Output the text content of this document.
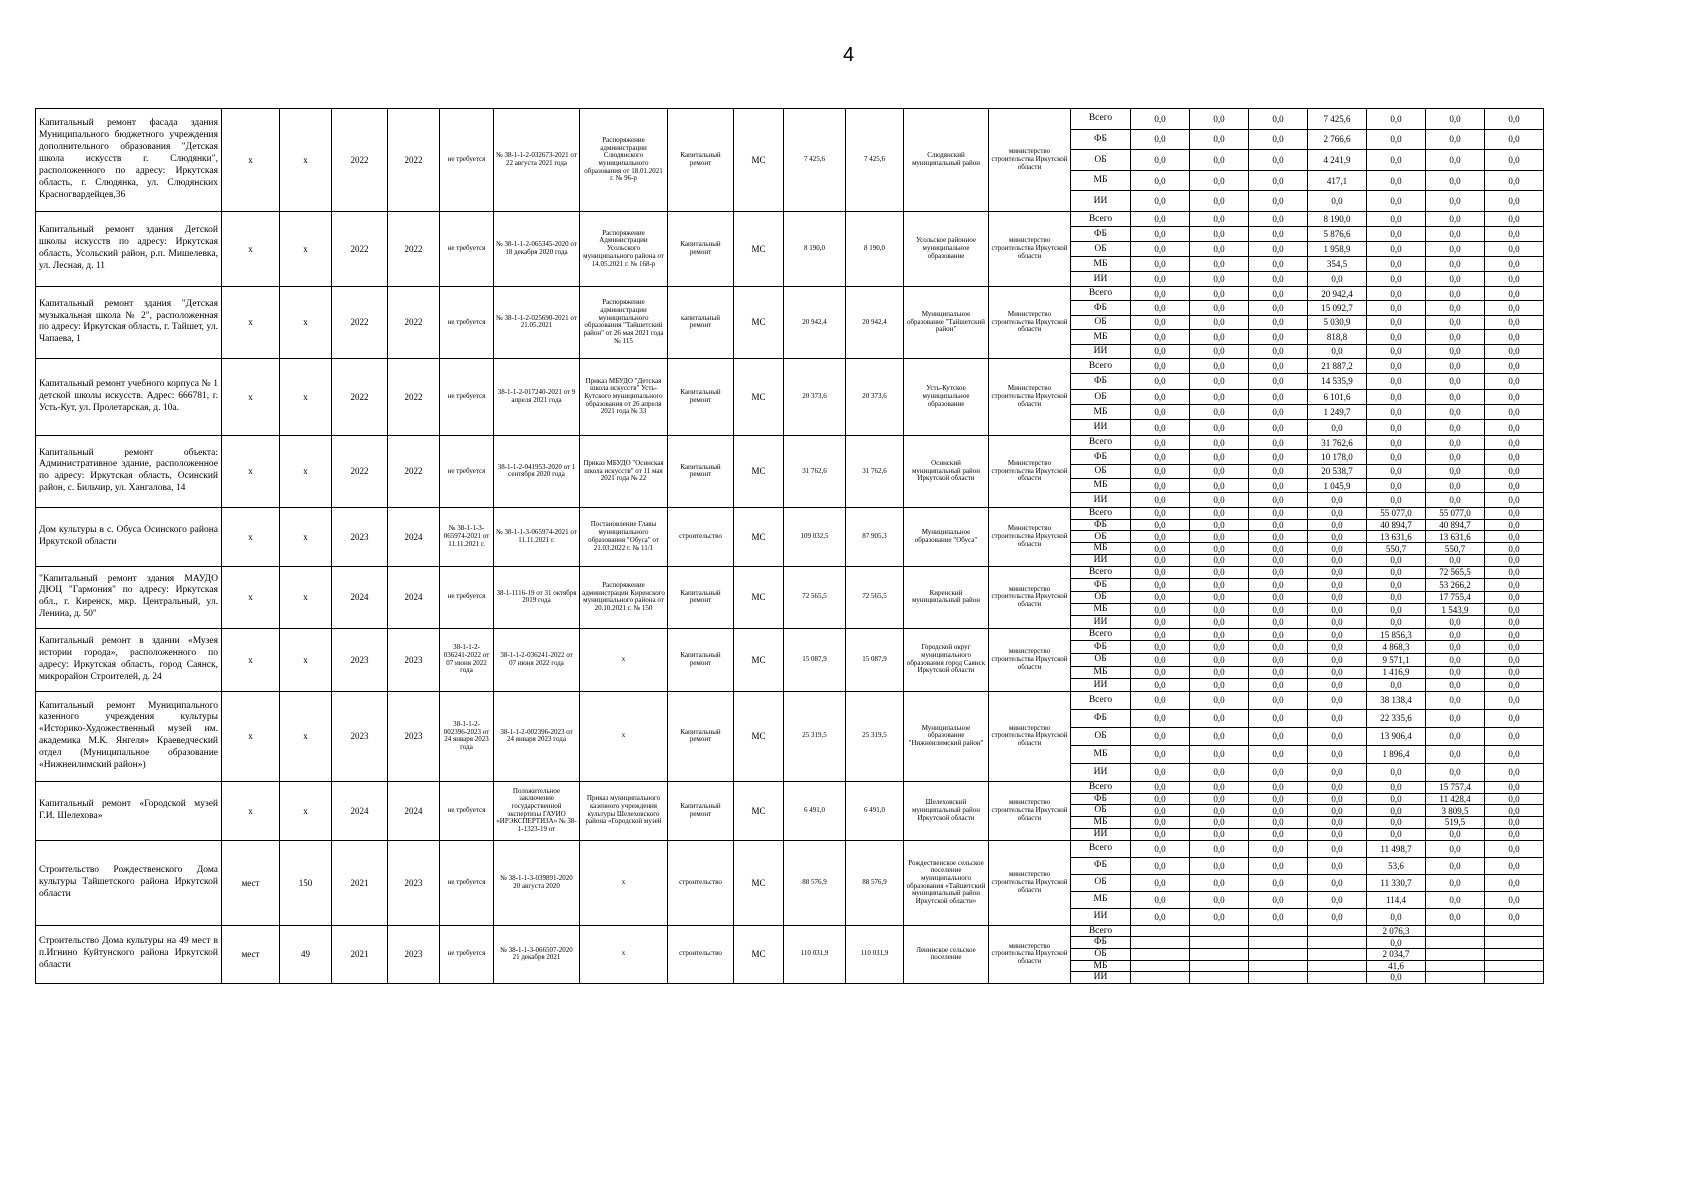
4
Капитальный ремонт фасада здания Муниципального бюджетного учреждения дополнительного образования "Детская школа искусств г. Слюдянки", расположенного по адресу: Иркутская область, г. Слюдянка, ул. Слюдянских Красногвардейцев,36	x	x	2022	2022	не требуется	№ 38-1-1-2-032673-2021 от 22 августа 2021 года	Распоряжение администрации Слюдянского муниципального образования от 18.01.2021 г. № 96-р	Капитальный ремонт	МС	7 425,6	7 425,6	Слюдянский муниципальный район	министерство строительства Иркутской области	Всего	0,0	0,0	0,0	7 425,6	0,0	0,0	0,0
														ФБ	0,0	0,0	0,0	2 766,6	0,0	0,0	0,0
														ОБ	0,0	0,0	0,0	4 241,9	0,0	0,0	0,0
														МБ	0,0	0,0	0,0	417,1	0,0	0,0	0,0
														ИИ	0,0	0,0	0,0	0,0	0,0	0,0	0,0
Капитальный ремонт здания Детской школы искусств по адресу: Иркутская область, Усольский район, р.п. Мишелевка, ул. Лесная, д. 11	x	x	2022	2022	не требуется	№ 38-1-1-2-065345-2020 от 18 декабря 2020 года	Распоряжение Администрации Усольского муниципального района от 14.05.2021 г. № 168-р	Капитальный ремонт	МС	8 190,0	8 190,0	Усольское районное муниципальное образование	министерство строительства Иркутской области	Всего	0,0	0,0	0,0	8 190,0	0,0	0,0	0,0
														ФБ	0,0	0,0	0,0	5 876,6	0,0	0,0	0,0
														ОБ	0,0	0,0	0,0	1 958,9	0,0	0,0	0,0
														МБ	0,0	0,0	0,0	354,5	0,0	0,0	0,0
														ИИ	0,0	0,0	0,0	0,0	0,0	0,0	0,0
Капитальный ремонт здания "Детская музыкальная школа № 2", расположенная по адресу: Иркутская область, г. Тайшет, ул. Чапаева, 1	x	x	2022	2022	не требуется	№ 38-1-1-2-025690-2021 от 21.05.2021	Распоряжение администрации муниципального образования "Тайшетский район" от 26 мая 2021 года № 115	капитальный ремонт	МС	20 942,4	20 942,4	Муниципальное образование "Тайшетский район"	Министерство строительства Иркутской области	Всего	0,0	0,0	0,0	20 942,4	0,0	0,0	0,0
														ФБ	0,0	0,0	0,0	15 092,7	0,0	0,0	0,0
														ОБ	0,0	0,0	0,0	5 030,9	0,0	0,0	0,0
														МБ	0,0	0,0	0,0	818,8	0,0	0,0	0,0
														ИИ	0,0	0,0	0,0	0,0	0,0	0,0	0,0
Капитальный ремонт учебного корпуса № 1 детской школы искусств. Адрес: 666781, г. Усть-Кут, ул. Пролетарская, д. 10а.	x	x	2022	2022	не требуется	38-1-1-2-017240-2021 от 9 апреля 2021 года	Приказ МБУДО "Детская школа искусств" Усть-Кутского муниципального образования от 26 апреля 2021 года № 33	Капитальный ремонт	МС	20 373,6	20 373,6	Усть-Кутское муниципальное образование	Министерство строительства Иркутской области	Всего	0,0	0,0	0,0	21 887,2	0,0	0,0	0,0
														ФБ	0,0	0,0	0,0	14 535,9	0,0	0,0	0,0
														ОБ	0,0	0,0	0,0	6 101,6	0,0	0,0	0,0
														МБ	0,0	0,0	0,0	1 249,7	0,0	0,0	0,0
														ИИ	0,0	0,0	0,0	0,0	0,0	0,0	0,0
Капитальный ремонт объекта: Административное здание, расположенное по адресу: Иркутская область, Осинский район, с. Бильчир, ул. Хангалова, 14	x	x	2022	2022	не требуется	38-1-1-2-041953-2020 от 1 сентября 2020 года	Приказ МБУДО "Осинская школа искусств" от 11 мая 2021 года № 22	Капитальный ремонт	МС	31 762,6	31 762,6	Осинский муниципальный район Иркутской области	Министерство строительства Иркутской области	Всего	0,0	0,0	0,0	31 762,6	0,0	0,0	0,0
														ФБ	0,0	0,0	0,0	10 178,0	0,0	0,0	0,0
														ОБ	0,0	0,0	0,0	20 538,7	0,0	0,0	0,0
														МБ	0,0	0,0	0,0	1 045,9	0,0	0,0	0,0
														ИИ	0,0	0,0	0,0	0,0	0,0	0,0	0,0
Дом культуры в с. Обуса Осинского района Иркутской области	x	x	2023	2024	№ 38-1-1-3-065974-2021 от 11.11.2021 г.	№ 38-1-1-3-065974-2021 от 11.11.2021 г.	Постановление Главы муниципального образования "Обуса" от 21.03.2022 г. № 11/1	строительство	МС	109 032,5	87 905,3	Муниципальное образование "Обуса"	Министерство строительства Иркутской области	Всего	0,0	0,0	0,0	0,0	55 077,0	55 077,0	0,0
														ФБ	0,0	0,0	0,0	0,0	40 894,7	40 894,7	0,0
														ОБ	0,0	0,0	0,0	0,0	13 631,6	13 631,6	0,0
														МБ	0,0	0,0	0,0	0,0	550,7	550,7	0,0
														ИИ	0,0	0,0	0,0	0,0	0,0	0,0	0,0
"Капитальный ремонт здания МАУДО ДЮЦ "Гармония" по адресу: Иркутская обл., г. Киренск, мкр. Центральный, ул. Ленина, д. 50"	x	x	2024	2024	не требуется	38-1-1116-19 от 31 октября 2019 года	Распоряжение администрации Киренского муниципального района от 20.10.2021 г. № 150	Капитальный ремонт	МС	72 565,5	72 565,5	Киренский муниципальный район	министерство строительства Иркутской области	Всего	0,0	0,0	0,0	0,0	0,0	72 565,5	0,0
														ФБ	0,0	0,0	0,0	0,0	0,0	53 266,2	0,0
														ОБ	0,0	0,0	0,0	0,0	0,0	17 755,4	0,0
														МБ	0,0	0,0	0,0	0,0	0,0	1 543,9	0,0
														ИИ	0,0	0,0	0,0	0,0	0,0	0,0	0,0
Капитальный ремонт в здании «Музея истории города», расположенного по адресу: Иркутская область, город Саянск, микрорайон Строителей, д. 24	x	x	2023	2023	38-1-1-2-036241-2022 от 07 июня 2022 года	38-1-1-2-036241-2022 от 07 июня 2022 года	x	Капитальный ремонт	МС	15 087,9	15 087,9	Городской округ муниципального образования город Саянск Иркутской области	министерство строительства Иркутской области	Всего	0,0	0,0	0,0	0,0	15 856,3	0,0	0,0
														ФБ	0,0	0,0	0,0	0,0	4 868,3	0,0	0,0
														ОБ	0,0	0,0	0,0	0,0	9 571,1	0,0	0,0
														МБ	0,0	0,0	0,0	0,0	1 416,9	0,0	0,0
														ИИ	0,0	0,0	0,0	0,0	0,0	0,0	0,0
Капитальный ремонт Муниципального казенного учреждения культуры «Историко-Художественный музей им. академика М.К. Янгеля» Краеведческий отдел (Муниципальное образование «Нижнеилимский район»)	x	x	2023	2023	38-1-1-2-002396-2023 от 24 января 2023 года	38-1-1-2-002396-2023 от 24 января 2023 года	x	Капитальный ремонт	МС	25 319,5	25 319,5	Муниципальное образование "Нижнеилимский район"	министерство строительства Иркутской области	Всего	0,0	0,0	0,0	0,0	38 138,4	0,0	0,0
														ФБ	0,0	0,0	0,0	0,0	22 335,6	0,0	0,0
														ОБ	0,0	0,0	0,0	0,0	13 906,4	0,0	0,0
														МБ	0,0	0,0	0,0	0,0	1 896,4	0,0	0,0
														ИИ	0,0	0,0	0,0	0,0	0,0	0,0	0,0
Капитальный ремонт «Городской музей Г.И. Шелехова»	x	x	2024	2024	не требуется	Положительное заключение государственной экспертизы ГАУИО «ИРЭКСПЕРТИЗА» № 38-1-1323-19 от	Приказ муниципального казенного учреждения культуры Шелеховского района «Городской музей	Капитальный ремонт	МС	6 491,0	6 491,0	Шелеховский муниципальный район Иркутской области	министерство строительства Иркутской области	Всего	0,0	0,0	0,0	0,0	0,0	15 757,4	0,0
														ФБ	0,0	0,0	0,0	0,0	0,0	11 428,4	0,0
														ОБ	0,0	0,0	0,0	0,0	0,0	3 809,5	0,0
														МБ	0,0	0,0	0,0	0,0	0,0	519,5	0,0
														ИИ	0,0	0,0	0,0	0,0	0,0	0,0	0,0
Строительство Рождественского Дома культуры Тайшетского района Иркутской области	мест	150	2021	2023	не требуется	№ 38-1-1-3-039891-2020 20 августа 2020	x	строительство	МС	88 576,9	88 576,9	Рождественское сельское поселение муниципального образования «Тайшетский муниципальный район Иркутской области»	министерство строительства Иркутской области	Всего	0,0	0,0	0,0	0,0	11 498,7	0,0	0,0
														ФБ	0,0	0,0	0,0	0,0	53,6	0,0	0,0
														ОБ	0,0	0,0	0,0	0,0	11 330,7	0,0	0,0
														МБ	0,0	0,0	0,0	0,0	114,4	0,0	0,0
														ИИ	0,0	0,0	0,0	0,0	0,0	0,0	0,0
Строительство Дома культуры на 49 мест в п.Игнино Куйтунского района Иркутской области	мест	49	2021	2023	не требуется	№ 38-1-1-3-066507-2020 21 декабря 2021	x	строительство	МС	110 031,9	110 031,9	Ленинское сельское поселение	министерство строительства Иркутской области	Всего					2 076,3		
														ФБ					0,0		
														ОБ					2 034,7		
														МБ					41,6		
														ИИ					0,0		
